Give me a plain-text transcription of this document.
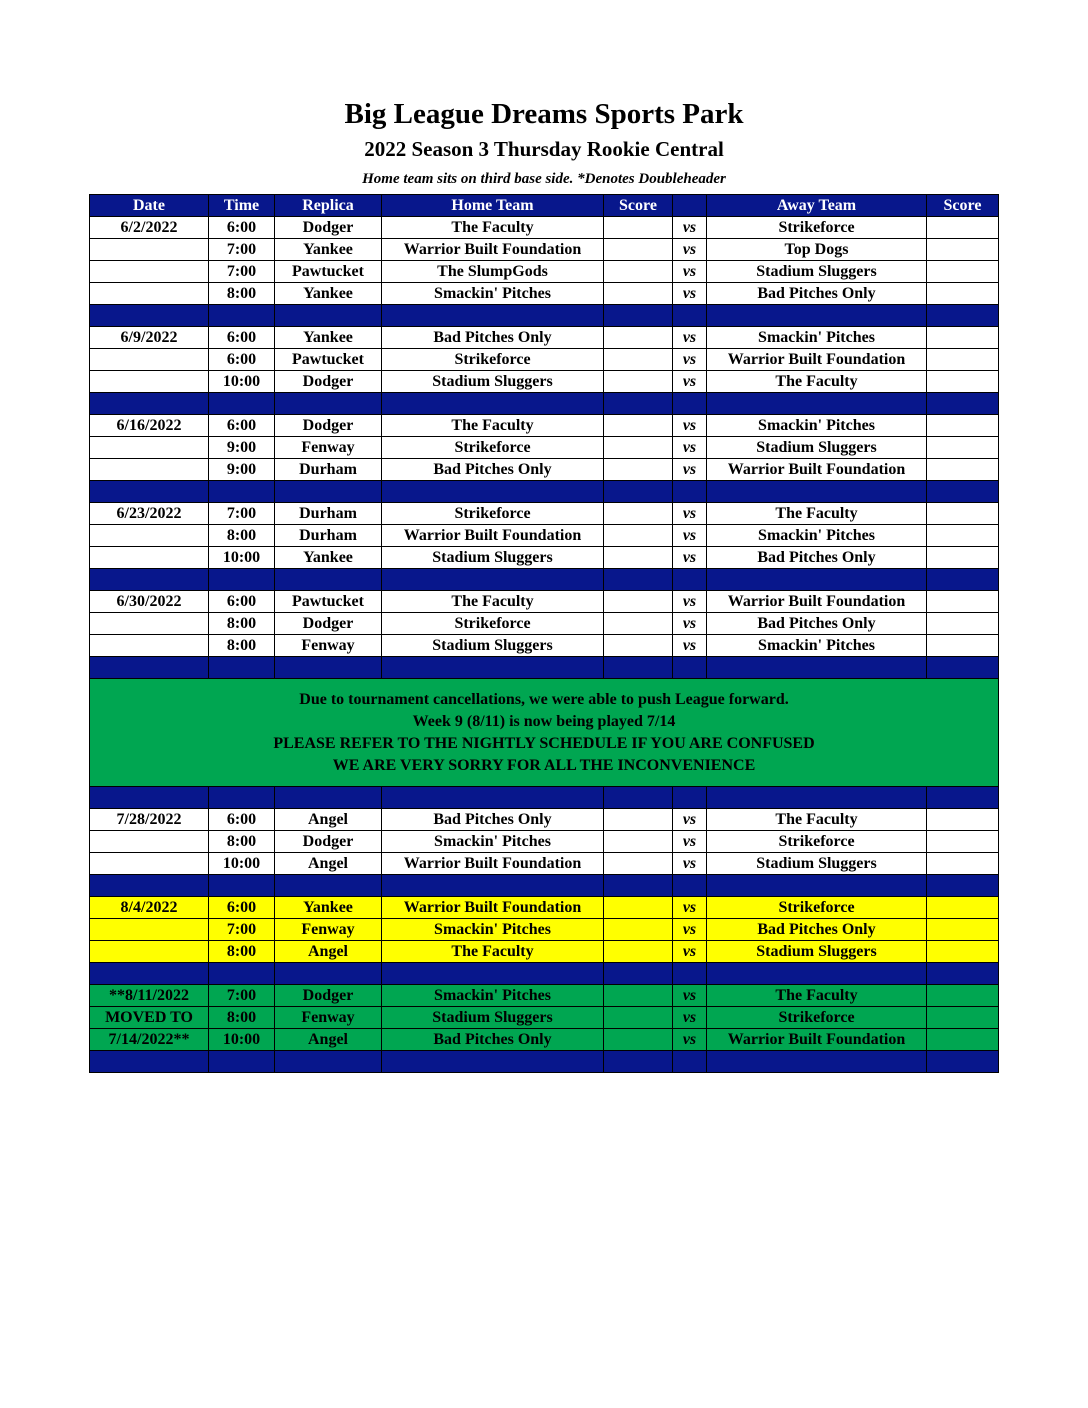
Big League Dreams Sports Park
2022 Season 3 Thursday Rookie Central
Home team sits on third base side. *Denotes Doubleheader
Date	Time	Replica	Home Team	Score		Away Team	Score
6/2/2022	6:00	Dodger	The Faculty		vs	Strikeforce	
	7:00	Yankee	Warrior Built Foundation		vs	Top Dogs	
	7:00	Pawtucket	The SlumpGods		vs	Stadium Sluggers	
	8:00	Yankee	Smackin' Pitches		vs	Bad Pitches Only	

6/9/2022	6:00	Yankee	Bad Pitches Only		vs	Smackin' Pitches	
	6:00	Pawtucket	Strikeforce		vs	Warrior Built Foundation	
	10:00	Dodger	Stadium Sluggers		vs	The Faculty	

6/16/2022	6:00	Dodger	The Faculty		vs	Smackin' Pitches	
	9:00	Fenway	Strikeforce		vs	Stadium Sluggers	
	9:00	Durham	Bad Pitches Only		vs	Warrior Built Foundation	

6/23/2022	7:00	Durham	Strikeforce		vs	The Faculty	
	8:00	Durham	Warrior Built Foundation		vs	Smackin' Pitches	
	10:00	Yankee	Stadium Sluggers		vs	Bad Pitches Only	

6/30/2022	6:00	Pawtucket	The Faculty		vs	Warrior Built Foundation	
	8:00	Dodger	Strikeforce		vs	Bad Pitches Only	
	8:00	Fenway	Stadium Sluggers		vs	Smackin' Pitches	

Due to tournament cancellations, we were able to push League forward.
Week 9 (8/11) is now being played 7/14
PLEASE REFER TO THE NIGHTLY SCHEDULE IF YOU ARE CONFUSED
WE ARE VERY SORRY FOR ALL THE INCONVENIENCE							

7/28/2022	6:00	Angel	Bad Pitches Only		vs	The Faculty	
	8:00	Dodger	Smackin' Pitches		vs	Strikeforce	
	10:00	Angel	Warrior Built Foundation		vs	Stadium Sluggers	

8/4/2022	6:00	Yankee	Warrior Built Foundation		vs	Strikeforce	
	7:00	Fenway	Smackin' Pitches		vs	Bad Pitches Only	
	8:00	Angel	The Faculty		vs	Stadium Sluggers	

**8/11/2022	7:00	Dodger	Smackin' Pitches		vs	The Faculty	
MOVED TO	8:00	Fenway	Stadium Sluggers		vs	Strikeforce	
7/14/2022**	10:00	Angel	Bad Pitches Only		vs	Warrior Built Foundation	
